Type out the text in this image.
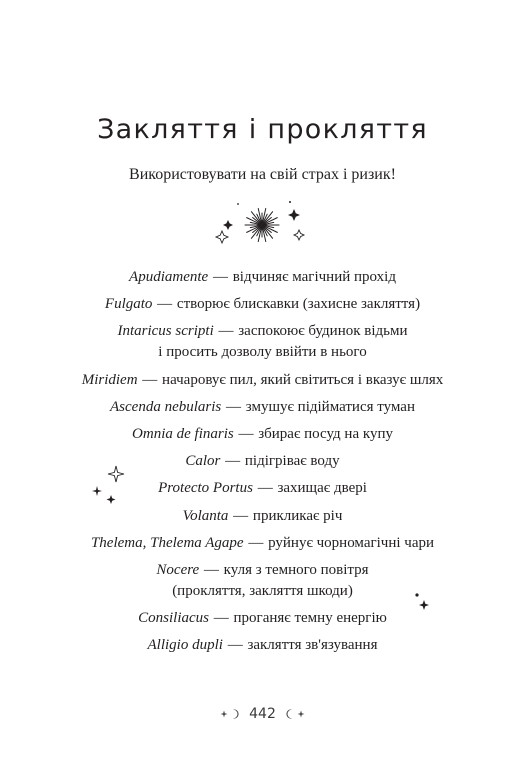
Закляття і прокляття

Використовувати на свій страх і ризик!

Apudiamente — відчиняє магічний прохід
Fulgato — створює блискавки (захисне закляття)
Intaricus scripti — заспокоює будинок відьми
і просить дозволу ввійти в нього
Miridiem — начаровує пил, який світиться і вказує шлях
Ascenda nebularis — змушує підійматися туман
Omnia de finaris — збирає посуд на купу
Calor — підігріває воду
Protecto Portus — захищає двері
Volanta — прикликає річ
Thelema, Thelema Agape — руйнує чорномагічні чари
Nocere — куля з темного повітря
(прокляття, закляття шкоди)
Consiliacus — проганяє темну енергію
Alligio dupli — закляття зв'язування
442
